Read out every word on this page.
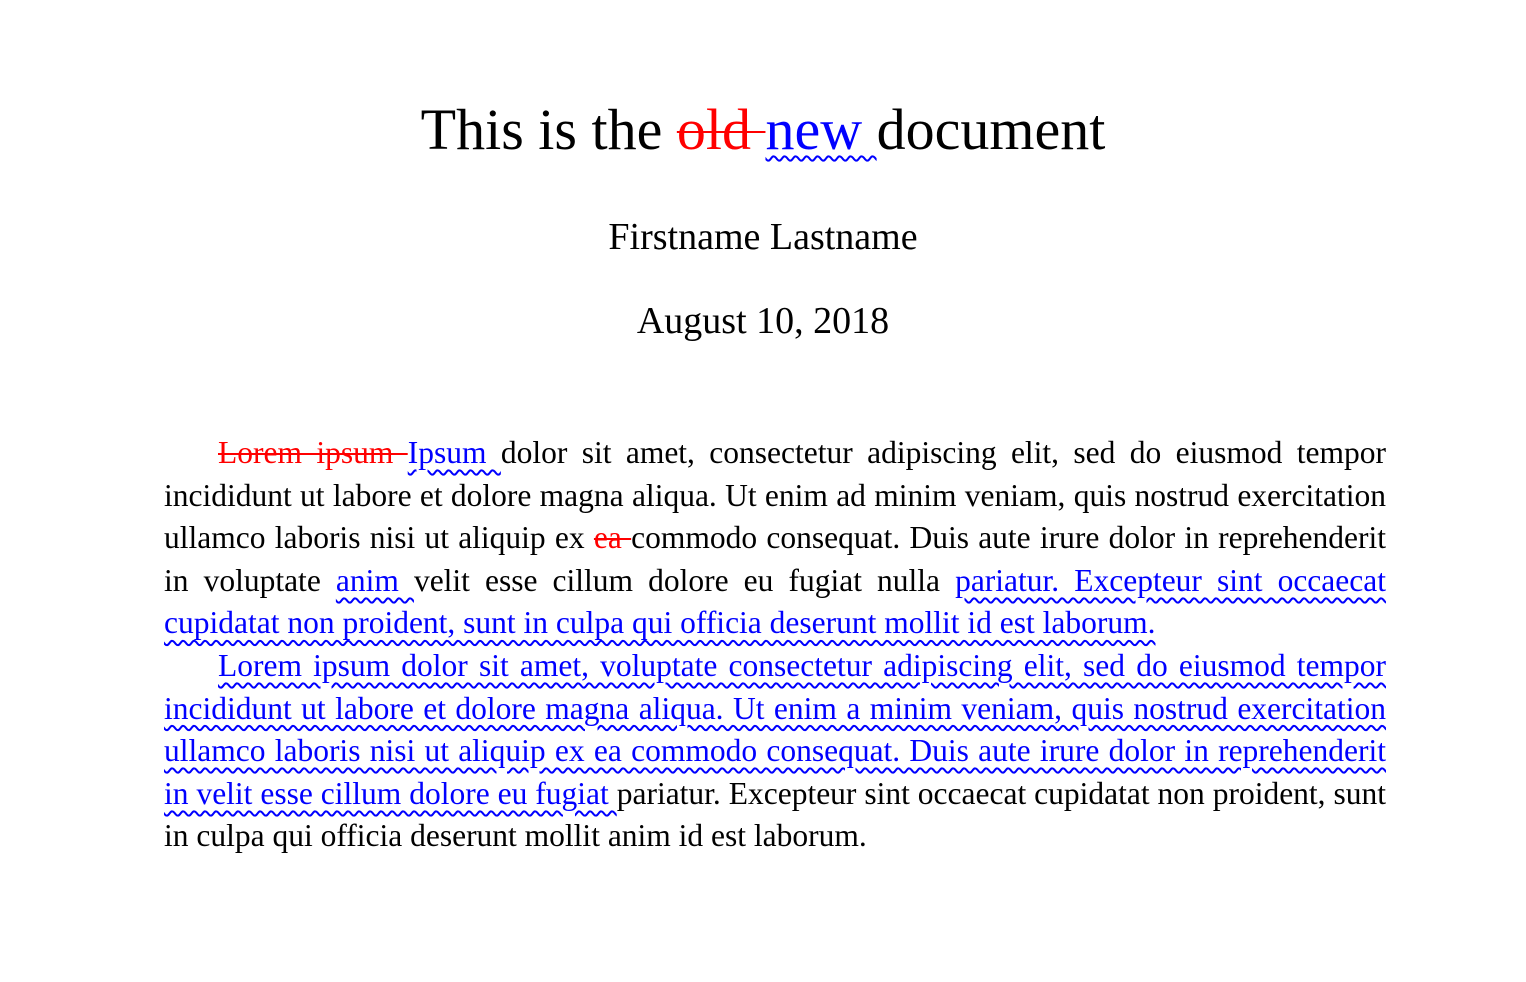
This is the old new document
Firstname Lastname
August 10, 2018

Lorem ipsum Ipsum dolor sit amet, consectetur adipiscing elit, sed do eiusmod tempor incididunt ut labore et dolore magna aliqua. Ut enim ad minim veniam, quis nostrud exercitation ullamco laboris nisi ut aliquip ex ea commodo consequat. Duis aute irure dolor in reprehenderit in voluptate anim velit esse cillum dolore eu fugiat nulla pariatur. Excepteur sint occaecat cupidatat non proident, sunt in culpa qui officia deserunt mollit id est laborum.

Lorem ipsum dolor sit amet, voluptate consectetur adipiscing elit, sed do eiusmod tempor incididunt ut labore et dolore magna aliqua. Ut enim a minim veniam, quis nostrud exercitation ullamco laboris nisi ut aliquip ex ea commodo consequat. Duis aute irure dolor in reprehenderit in velit esse cillum dolore eu fugiat pariatur. Excepteur sint occaecat cupidatat non proident, sunt in culpa qui officia deserunt mollit anim id est laborum.
